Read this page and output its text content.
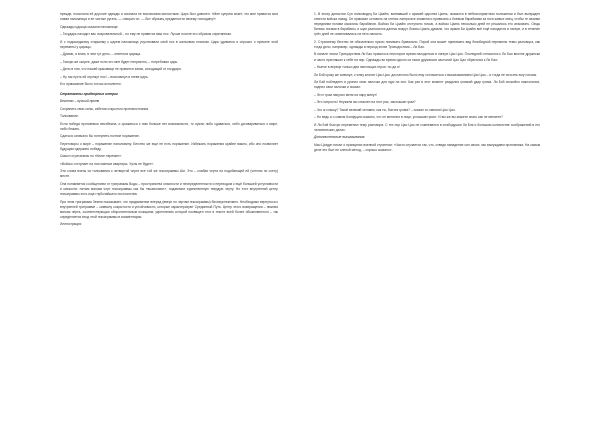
прежде, посылала её дорогие одежды и осыпала ее всяческими милостями. Царь был доволен. «Мне суприга знает, что мне нравится моя новая наложница и ее чистые ругать, — говорил он. — Вот образец преданности своему господину!»

Однажды царица сказала наложнице:

– Государь находит вас очаровательной... но ему не нравится ваш нос. Лучше носите его образом спрятанным.

И с подошедшему старшему к царем наложница учуствовали свой нос в шелковом платком. Царь удивился и спросил о причине этой перемены у царицы.

– Думаю, я знаю, в чем тут дело, – ответила царица.

– Говори же скорее, даже если это мне будет неприятно, – потребовал царь.

– Дело в том, что нашей красавице не нравится запах, исходящий от государя.

– Ну так пусть ей отрежут нос! – воскликнул в гневе царь.

Его приказание было тотчас исполнено.

Стратагемы придворных интриг

Бегство – лучший прием

Сохранить свои силы, избегая открытого противостояния.

Толкование:

Если победа противника неизбежна, и сражаться с ним больше нет возможности, то нужно либо сдаваться, либо договариваться о мире, либо бежать.

Сдаться означало бы потерпеть полное поражение.

Переговоры о мире – поражение наполовину. Бегство же еще не есть поражение. Избежать поражения крайне важно, ибо оно позволяет будущим одержать победу.

Смысл стратагемы по «Книге перемен»:

«Войско отступает на постоянные квартиры. Хулы не будет».

Эти слова взяты из толкования к четвертой черте все той же гексаграммы Ши. Это – слабая черта на подобающей ей (четном по счету) месте.

Она понимается сообщением от триграммы Воды – пространства опасности и неопределенности и переходом к ещё большей уступчивости и мягкости: пятым мягким черт гексаграммы как бы «вызволяют», подавляют единственную твердую черту. Но этот внутренний центр гексаграммы есть еще глубочайшего постоянства.

При этом триграмма Земли показывает, что продвижение вперед (вверх по чертам гексаграммы) бесперспективно. Необходимо вернуться к внутренней триграмме – символу сокрытости и устойчивости, которые характеризуют Срединный Путь. Центр этого возвращения – нижняя мягкая черта, соответствующая оборонительным позициям, укреплению которой посвящен этот в тексте всей более обыкновенного – так определяется вход этой гексаграммы в комментарии.

Иллюстрация:

1. В эпоху династии Сун полководец Би Цзайю, воевавший с армией царства Цзинь, оказался в неблагоприятном положении и был вынужден отвести войска назад. Он приказал оставить на стенах лагеря все знамена и привязать к боевым барабанам за ноги живых овец, чтобы те своими передними ногами касались барабанов. Войско Би Цзайю отступило ночью, а войско Цзинь несколько дней не решалось его атаковать. Овцы бились ногами в барабаны, и шум разносился далеко вокруг. Воины Цзинь думали, что армия Би Цзайю всё ещё находится в лагере, и в течение трёх дней не осмеливались на него напасть.

2. Стратагему бегство не обязательно нужно понимать буквально. Порой она может принимать вид безобидной перемены темы разговора, как тогда дело, например, однажды в период эпохи Троецарствия – Ли Бао.

В начале эпохи Троецарствия Ли Бао пришлось некоторое время находиться в лагере Цао Цао. Последний относился к Ли Бао вполне дружески и часто приглашал к себе на пир. Однажды во время одного из таких дружеских застолий Цао Цао обратился к Ли Бао:

– Нынче в вереце только два настоящих героя: ты да я!

Ли Бэй сразу же смекнул, к чему клонит Цао Цао: достаточно было ему согласиться с высказыванием Цао Цао – и тогда не сносить ему головы.

Ли Бэй побледнел и уронил свои палочки для еды на пол. Как раз в этот момент раздался громкий удар грома. Ли Бэй спокойно наклонился, поднял свои палочки и сказал:

– Этот гром напугал меня на пару минут!

– Это хитрость! Неужели вы спокоен на этот раз, заслышав гром?

– Что ж слышу? Такой великий человек, как ты, боится грома? – сказал со смехом Цао Цао.

– Но ведь и о самом Конфуции сказано, что он менялся в лице, услышав гром». И вы же вы можете знать как не меняете?

И Ли Бэй быстро переменил тему разговора. С тех пор Цао Цао не сомневался в слабодушии Ли Бэя и большом количестве соображений в его человеческих делах.

Дополнительные высказывания:

Мао Цзэдун писал о принципах военной стратегии: «Часто случается так, что, отведя нападение сил своих, мы вынуждаем противника. На самом деле это был не слепой метод, – хорошо сказано».
